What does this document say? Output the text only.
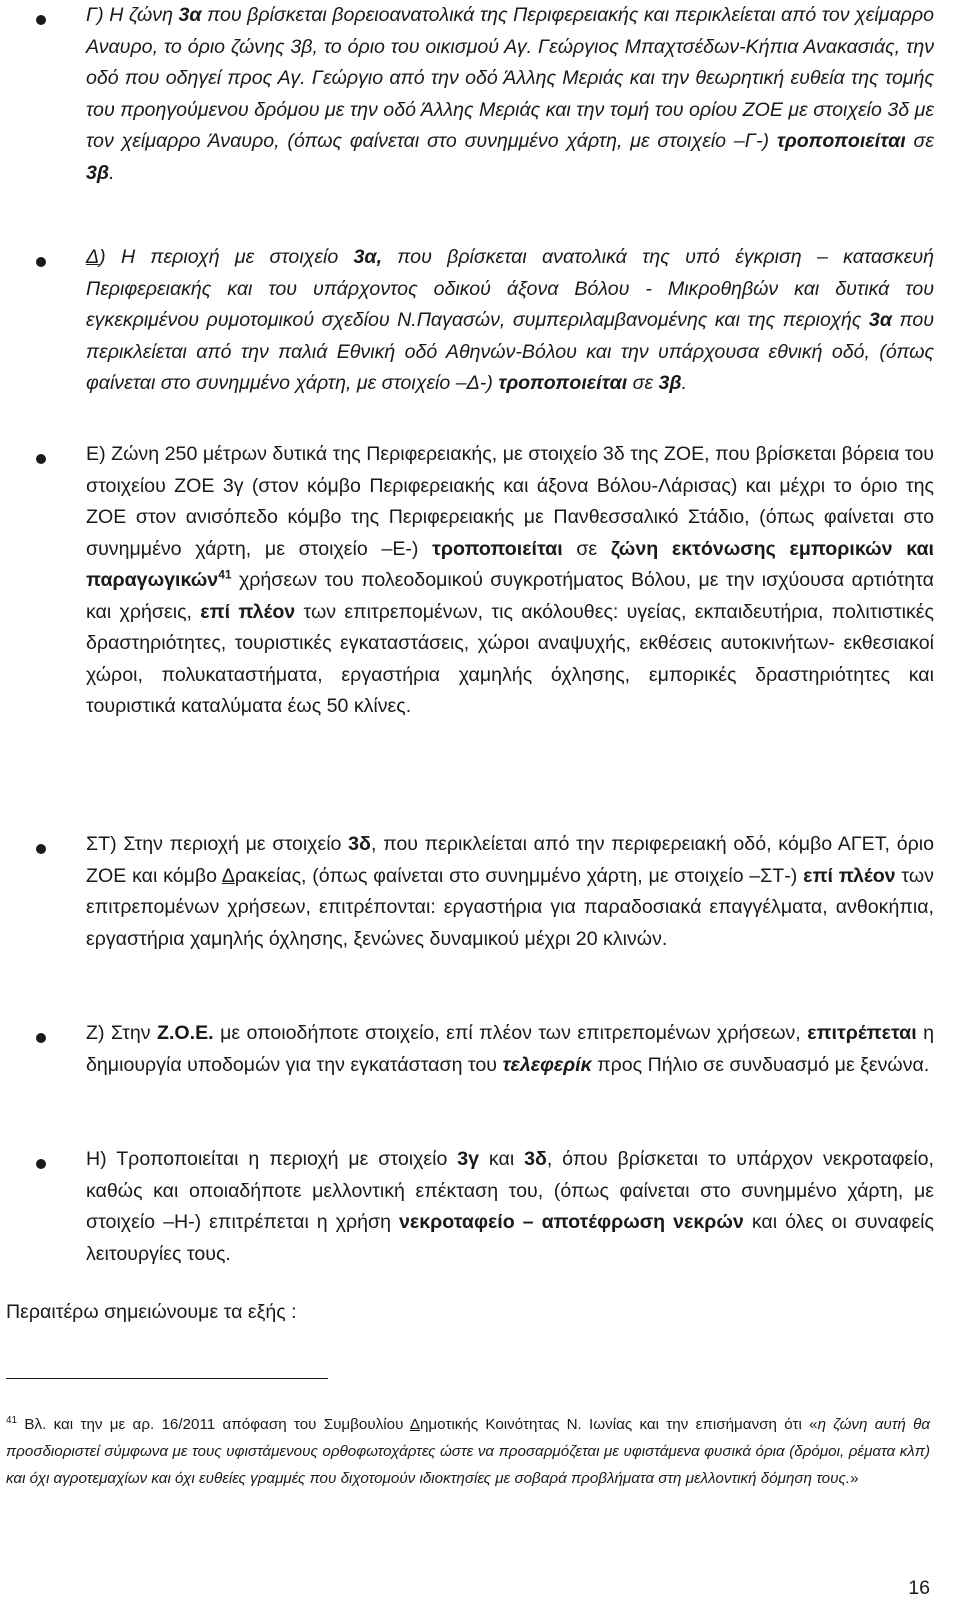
Γ) Η ζώνη 3α που βρίσκεται βορειοανατολικά της Περιφερειακής και περικλείεται από τον χείμαρρο Αναυρο, το όριο ζώνης 3β, το όριο του οικισμού Αγ. Γεώργιος Μπαχτσέδων-Κήπια Ανακασιάς, την οδό που οδηγεί προς Αγ. Γεώργιο από την οδό Άλλης Μεριάς και την θεωρητική ευθεία της τομής του προηγούμενου δρόμου με την οδό Άλλης Μεριάς και την τομή του ορίου ΖΟΕ με στοιχείο 3δ με τον χείμαρρο Άναυρο, (όπως φαίνεται στο συνημμένο χάρτη, με στοιχείο –Γ-) τροποποιείται σε 3β.
Δ) Η περιοχή με στοιχείο 3α, που βρίσκεται ανατολικά της υπό έγκριση – κατασκευή Περιφερειακής και του υπάρχοντος οδικού άξονα Βόλου - Μικροθηβών και δυτικά του εγκεκριμένου ρυμοτομικού σχεδίου Ν.Παγασών, συμπεριλαμβανομένης και της περιοχής 3α που περικλείεται από την παλιά Εθνική οδό Αθηνών-Βόλου και την υπάρχουσα εθνική οδό, (όπως φαίνεται στο συνημμένο χάρτη, με στοιχείο –Δ-) τροποποιείται σε 3β.
Ε) Ζώνη 250 μέτρων δυτικά της Περιφερειακής, με στοιχείο 3δ της ΖΟΕ, που βρίσκεται βόρεια του στοιχείου ΖΟΕ 3γ (στον κόμβο Περιφερειακής και άξονα Βόλου-Λάρισας) και μέχρι το όριο της ΖΟΕ στον ανισόπεδο κόμβο της Περιφερειακής με Πανθεσσαλικό Στάδιο, (όπως φαίνεται στο συνημμένο χάρτη, με στοιχείο –Ε-) τροποποιείται σε ζώνη εκτόνωσης εμπορικών και παραγωγικών$^{41}$ χρήσεων του πολεοδομικού συγκροτήματος Βόλου, με την ισχύουσα αρτιότητα και χρήσεις, επί πλέον των επιτρεπομένων, τις ακόλουθες: υγείας, εκπαιδευτήρια, πολιτιστικές δραστηριότητες, τουριστικές εγκαταστάσεις, χώροι αναψυχής, εκθέσεις αυτοκινήτων- εκθεσιακοί χώροι, πολυκαταστήματα, εργαστήρια χαμηλής όχλησης, εμπορικές δραστηριότητες και τουριστικά καταλύματα έως 50 κλίνες.
ΣΤ) Στην περιοχή με στοιχείο 3δ, που περικλείεται από την περιφερειακή οδό, κόμβο ΑΓΕΤ, όριο ΖΟΕ και κόμβο Δρακείας, (όπως φαίνεται στο συνημμένο χάρτη, με στοιχείο –ΣΤ-) επί πλέον των επιτρεπομένων χρήσεων, επιτρέπονται: εργαστήρια για παραδοσιακά επαγγέλματα, ανθοκήπια, εργαστήρια χαμηλής όχλησης, ξενώνες δυναμικού μέχρι 20 κλινών.
Ζ) Στην Ζ.Ο.Ε. με οποιοδήποτε στοιχείο, επί πλέον των επιτρεπομένων χρήσεων, επιτρέπεται η δημιουργία υποδομών για την εγκατάσταση του τελεφερίκ προς Πήλιο σε συνδυασμό με ξενώνα.
Η) Τροποποιείται η περιοχή με στοιχείο 3γ και 3δ, όπου βρίσκεται το υπάρχον νεκροταφείο, καθώς και οποιαδήποτε μελλοντική επέκταση του, (όπως φαίνεται στο συνημμένο χάρτη, με στοιχείο –Η-) επιτρέπεται η χρήση νεκροταφείο – αποτέφρωση νεκρών και όλες οι συναφείς λειτουργίες τους.
Περαιτέρω σημειώνουμε τα εξής :
$^{41}$ Βλ. και την με αρ. 16/2011 απόφαση του Συμβουλίου Δημοτικής Κοινότητας Ν. Ιωνίας και την επισήμανση ότι «η ζώνη αυτή θα προσδιοριστεί σύμφωνα με τους υφιστάμενους ορθοφωτοχάρτες ώστε να προσαρμόζεται με υφιστάμενα φυσικά όρια (δρόμοι, ρέματα κλπ) και όχι αγροτεμαχίων και όχι ευθείες γραμμές που διχοτομούν ιδιοκτησίες με σοβαρά προβλήματα στη μελλοντική δόμηση τους.»
16
